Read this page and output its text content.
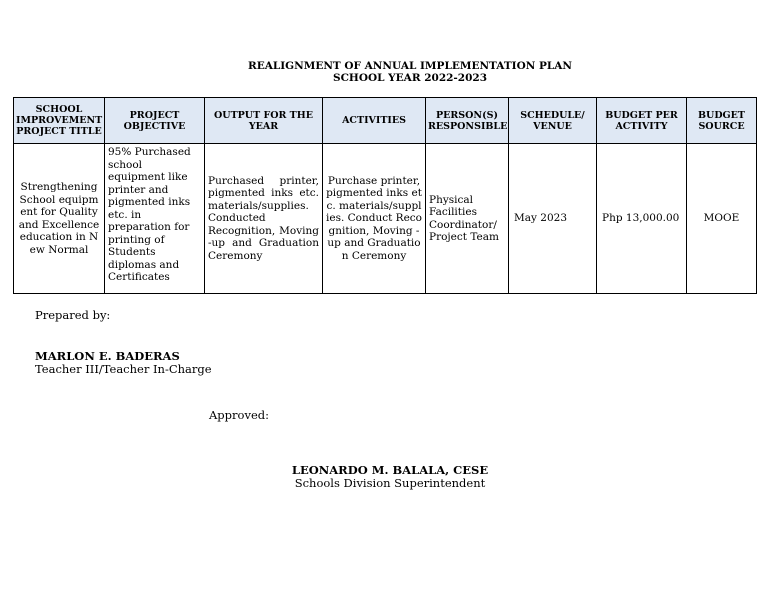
REALIGNMENT OF ANNUAL IMPLEMENTATION PLAN
SCHOOL YEAR 2022-2023
SCHOOL IMPROVEMENT PROJECT TITLE	PROJECT OBJECTIVE	OUTPUT FOR THE YEAR	ACTIVITIES	PERSON(S) RESPONSIBLE	SCHEDULE/ VENUE	BUDGET PER ACTIVITY	BUDGET SOURCE
Strengthening School equipment for Quality and Excellence education in New Normal	95% Purchased school equipment like printer and pigmented inks etc. in preparation for printing of Students diplomas and Certificates	Purchased printer, pigmented inks etc. materials/supplies. Conducted Recognition, Moving -up and Graduation Ceremony	Purchase printer, pigmented inks etc. materials/supplies. Conduct Recognition, Moving -up and Graduation Ceremony	Physical Facilities Coordinator/ Project Team	May 2023	Php 13,000.00	MOOE
Prepared by:
MARLON E. BADERAS
Teacher III/Teacher In-Charge
Approved:
LEONARDO M. BALALA, CESE
Schools Division Superintendent
